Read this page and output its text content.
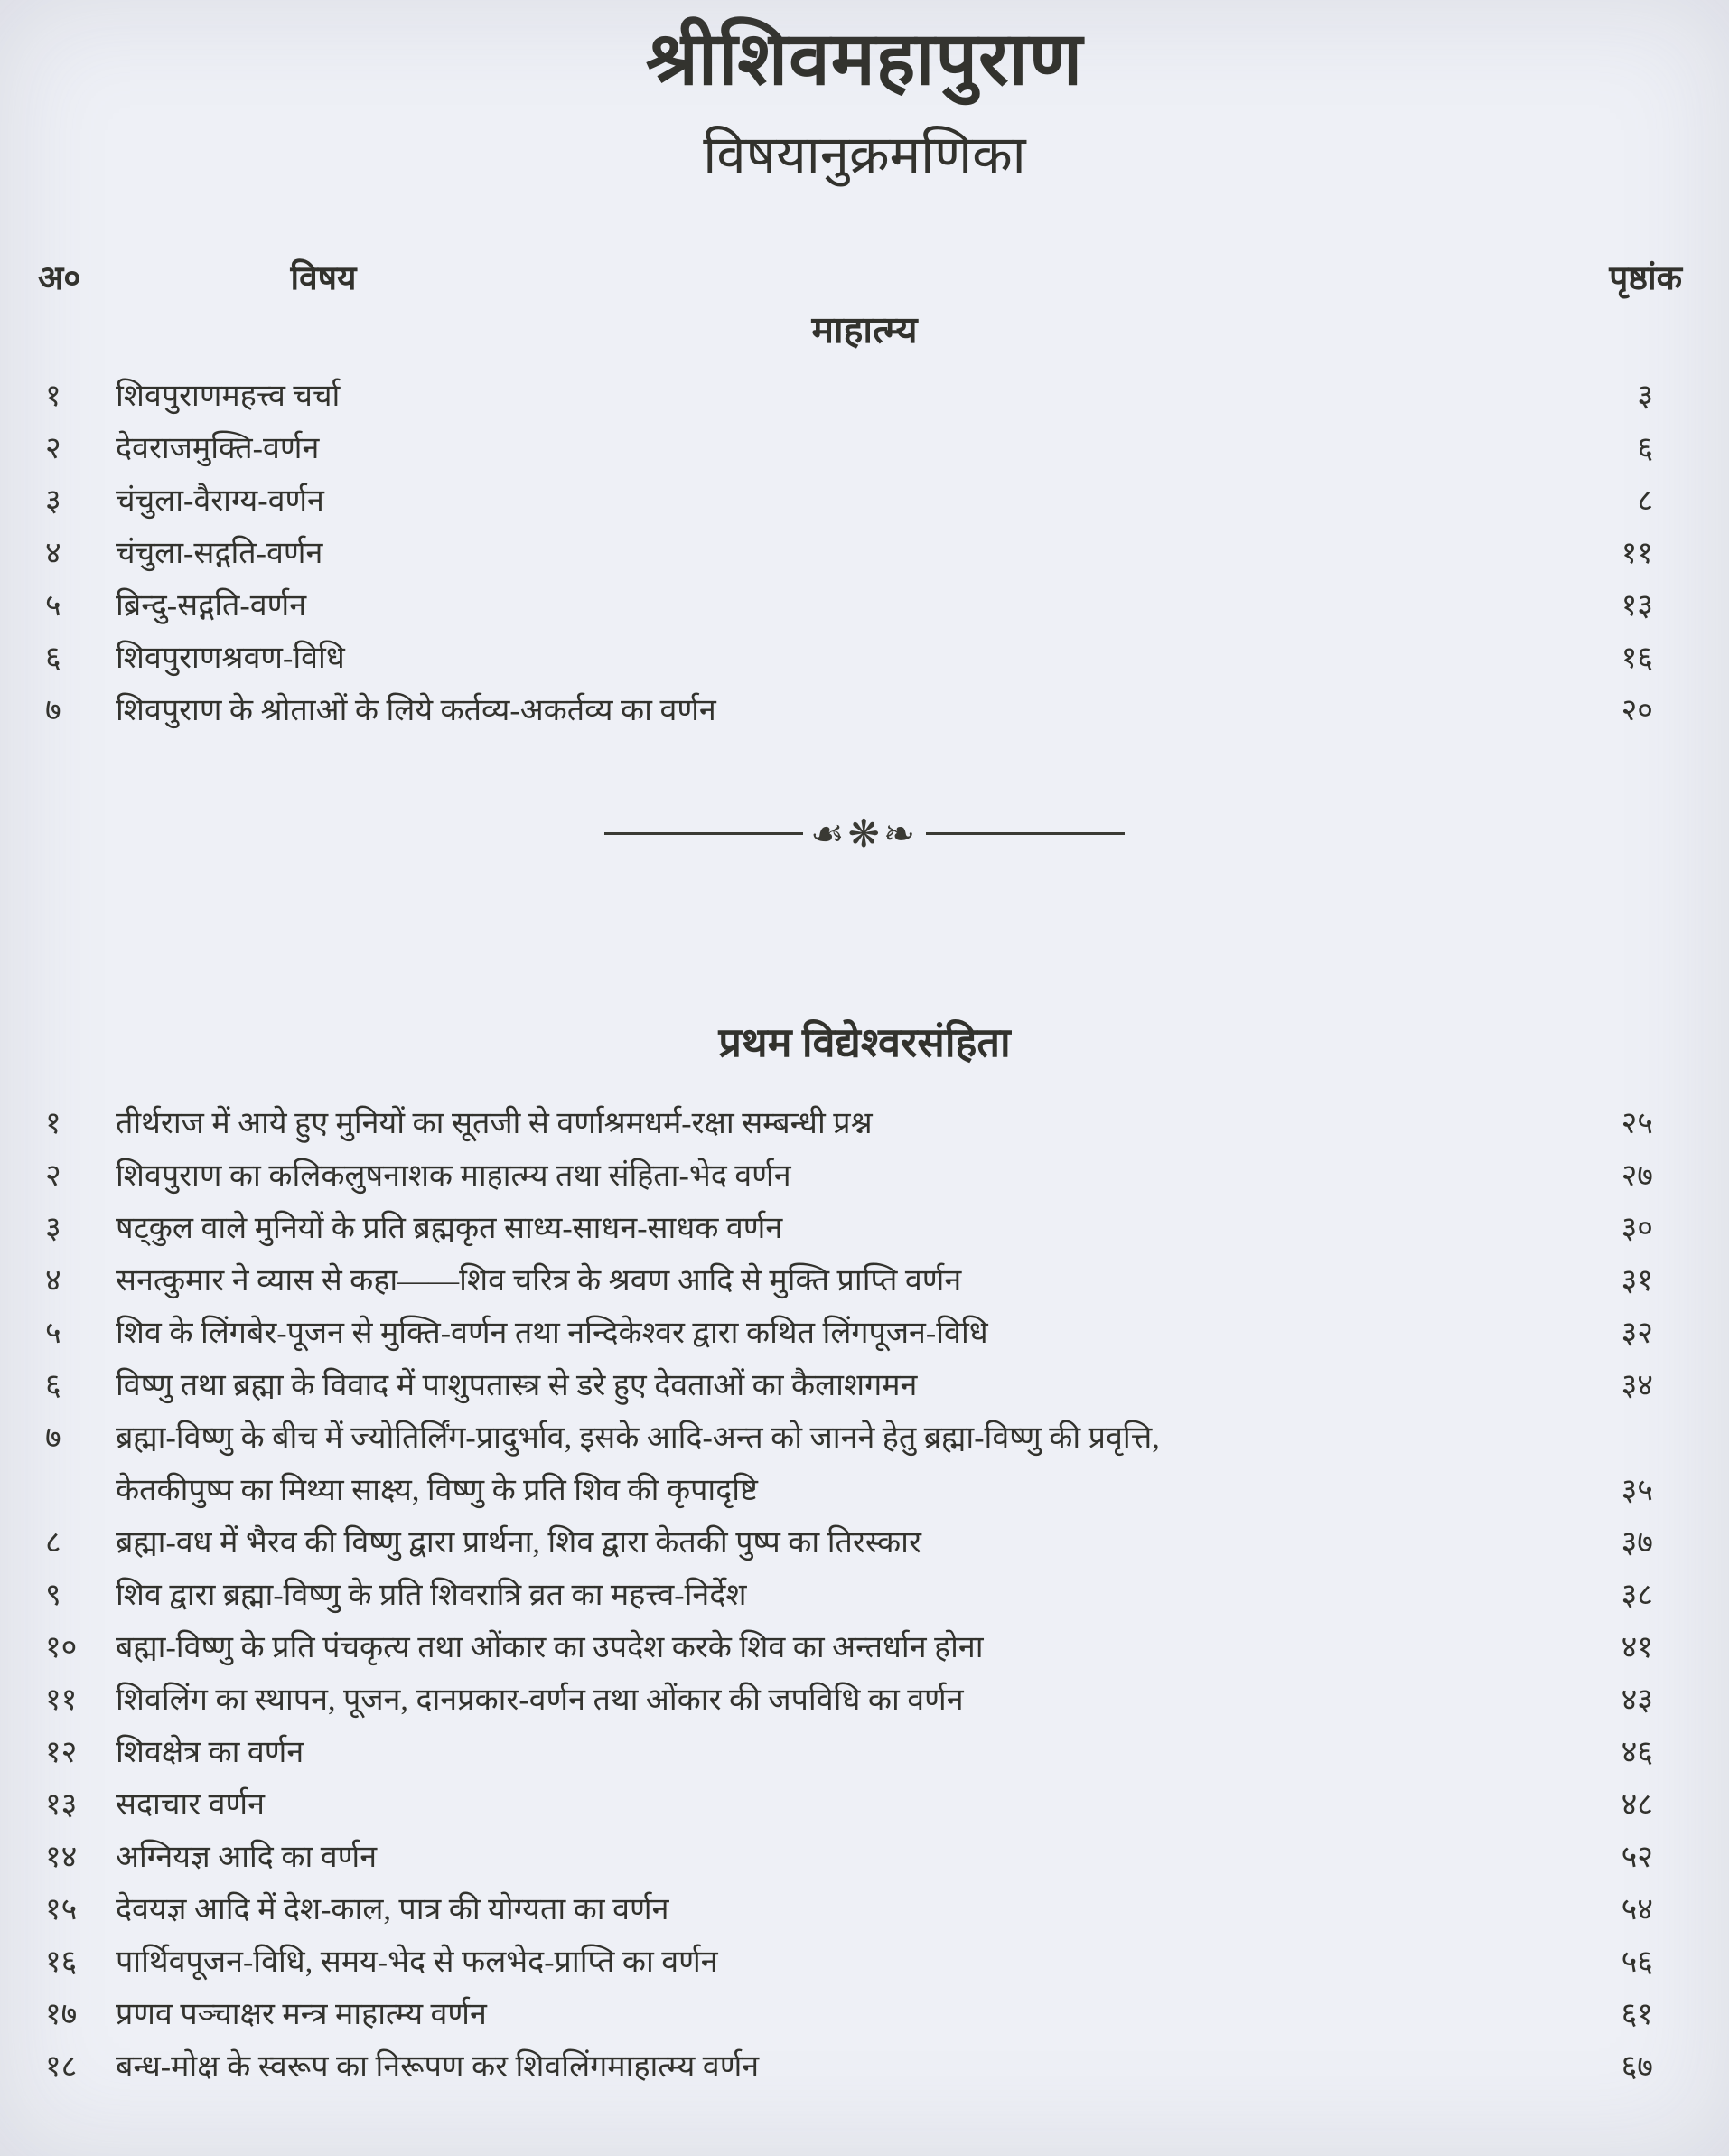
श्रीशिवमहापुराण
विषयानुक्रमणिका
अ०	विषय	पृष्ठांक
माहात्म्य
१	शिवपुराणमहत्त्व चर्चा	३
२	देवराजमुक्ति-वर्णन	६
३	चंचुला-वैराग्य-वर्णन	८
४	चंचुला-सद्गति-वर्णन	११
५	ब्रिन्दु-सद्गति-वर्णन	१३
६	शिवपुराणश्रवण-विधि	१६
७	शिवपुराण के श्रोताओं के लिये कर्तव्य-अकर्तव्य का वर्णन	२०
☙❋❧
प्रथम विद्येश्वरसंहिता
१	तीर्थराज में आये हुए मुनियों का सूतजी से वर्णाश्रमधर्म-रक्षा सम्बन्धी प्रश्न	२५
२	शिवपुराण का कलिकलुषनाशक माहात्म्य तथा संहिता-भेद वर्णन	२७
३	षट्कुल वाले मुनियों के प्रति ब्रह्मकृत साध्य-साधन-साधक वर्णन	३०
४	सनत्कुमार ने व्यास से कहा——शिव चरित्र के श्रवण आदि से मुक्ति प्राप्ति वर्णन	३१
५	शिव के लिंगबेर-पूजन से मुक्ति-वर्णन तथा नन्दिकेश्वर द्वारा कथित लिंगपूजन-विधि	३२
६	विष्णु तथा ब्रह्मा के विवाद में पाशुपतास्त्र से डरे हुए देवताओं का कैलाशगमन	३४
७	ब्रह्मा-विष्णु के बीच में ज्योतिर्लिंग-प्रादुर्भाव, इसके आदि-अन्त को जानने हेतु ब्रह्मा-विष्णु की प्रवृत्ति,
केतकीपुष्प का मिथ्या साक्ष्य, विष्णु के प्रति शिव की कृपादृष्टि	३५
८	ब्रह्मा-वध में भैरव की विष्णु द्वारा प्रार्थना, शिव द्वारा केतकी पुष्प का तिरस्कार	३७
९	शिव द्वारा ब्रह्मा-विष्णु के प्रति शिवरात्रि व्रत का महत्त्व-निर्देश	३८
१०	बह्मा-विष्णु के प्रति पंचकृत्य तथा ओंकार का उपदेश करके शिव का अन्तर्धान होना	४१
११	शिवलिंग का स्थापन, पूजन, दानप्रकार-वर्णन तथा ओंकार की जपविधि का वर्णन	४३
१२	शिवक्षेत्र का वर्णन	४६
१३	सदाचार वर्णन	४८
१४	अग्नियज्ञ आदि का वर्णन	५२
१५	देवयज्ञ आदि में देश-काल, पात्र की योग्यता का वर्णन	५४
१६	पार्थिवपूजन-विधि, समय-भेद से फलभेद-प्राप्ति का वर्णन	५६
१७	प्रणव पञ्चाक्षर मन्त्र माहात्म्य वर्णन	६१
१८	बन्ध-मोक्ष के स्वरूप का निरूपण कर शिवलिंगमाहात्म्य वर्णन	६७
